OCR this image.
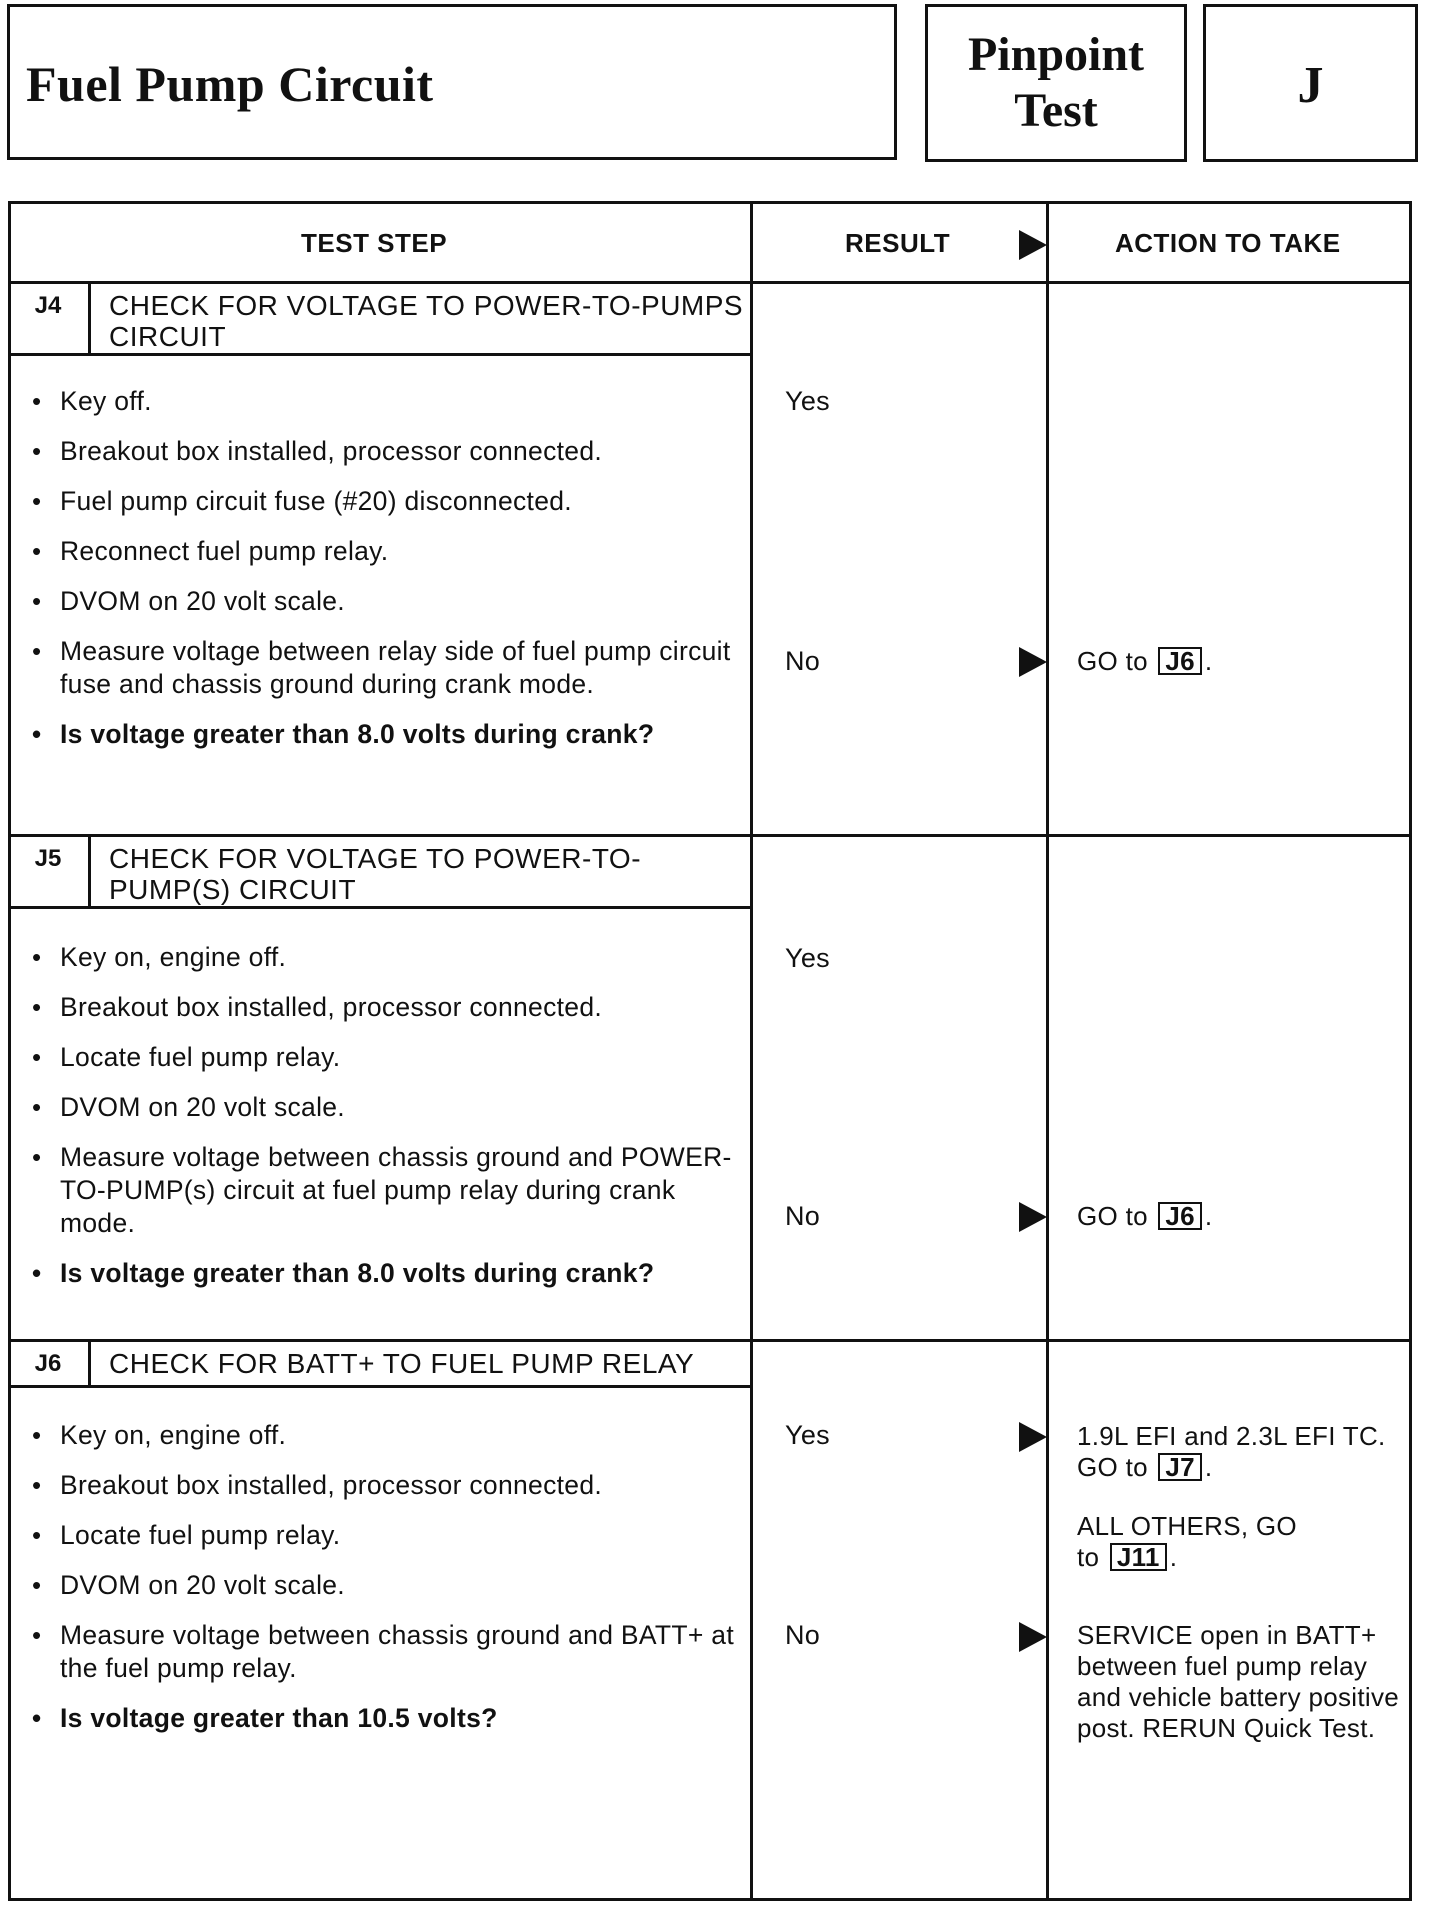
Fuel Pump Circuit
Pinpoint
Test	J
TEST STEP	RESULT	ACTION TO TAKE
J4	CHECK FOR VOLTAGE TO POWER-TO-PUMPS CIRCUIT
• Key off.
• Breakout box installed, processor connected.
• Fuel pump circuit fuse (#20) disconnected.
• Reconnect fuel pump relay.
• DVOM on 20 volt scale.
• Measure voltage between relay side of fuel pump circuit fuse and chassis ground during crank mode.
• Is voltage greater than 8.0 volts during crank?
Yes
No	GO to J6 .
J5	CHECK FOR VOLTAGE TO POWER-TO-PUMP(S) CIRCUIT
• Key on, engine off.
• Breakout box installed, processor connected.
• Locate fuel pump relay.
• DVOM on 20 volt scale.
• Measure voltage between chassis ground and POWER-TO-PUMP(s) circuit at fuel pump relay during crank mode.
• Is voltage greater than 8.0 volts during crank?
Yes
No	GO to J6 .
J6	CHECK FOR BATT+ TO FUEL PUMP RELAY
• Key on, engine off.
• Breakout box installed, processor connected.
• Locate fuel pump relay.
• DVOM on 20 volt scale.
• Measure voltage between chassis ground and BATT+ at the fuel pump relay.
• Is voltage greater than 10.5 volts?
Yes	1.9L EFI and 2.3L EFI TC. GO to J7 .

ALL OTHERS, GO to J11 .

No	SERVICE open in BATT+ between fuel pump relay and vehicle battery positive post. RERUN Quick Test.
